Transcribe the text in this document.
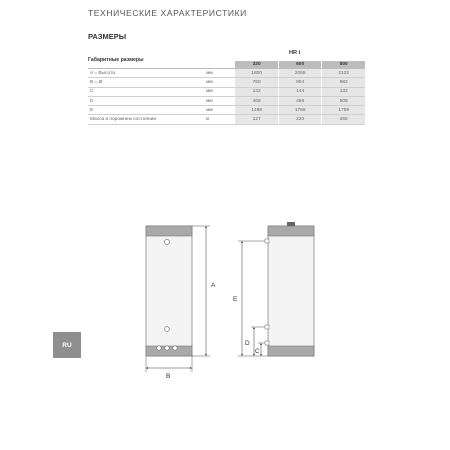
ТЕХНИЧЕСКИЕ ХАРАКТЕРИСТИКИ
РАЗМЕРЫ
Габаритные размеры
HR i
		320	600	800
A = Высота	мм	1800	2095	2122
B = Ø	мм	760	904	982
C	мм	142	144	132
D	мм	468	458	509
E	мм	1498	1786	1759
Масса в порожнем состоянии	кг	127	220	265
A
B
E
D
C
RU
